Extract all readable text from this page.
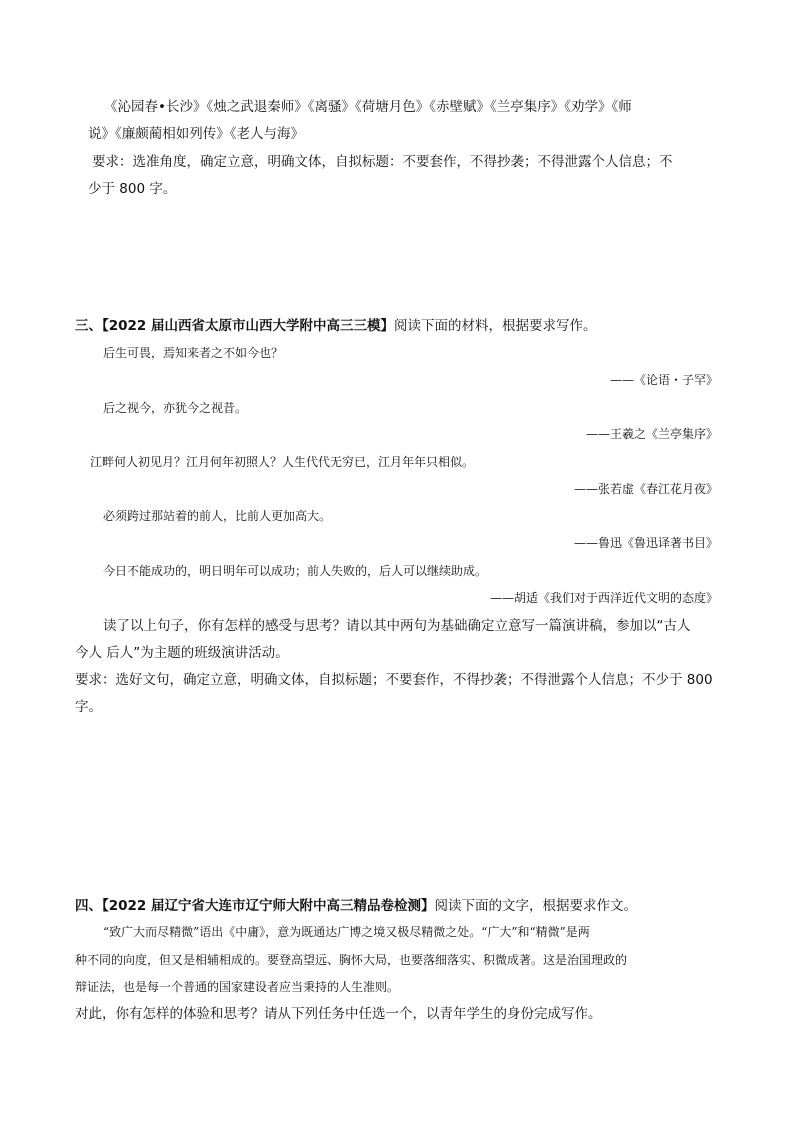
《沁园春•长沙》《烛之武退秦师》《离骚》《荷塘月色》《赤壁赋》《兰亭集序》《劝学》《师
说》《廉颇蔺相如列传》《老人与海》
要求：选准角度，确定立意，明确文体，自拟标题：不要套作，不得抄袭；不得泄露个人信息；不
少于 800 字。
三、【2022 届山西省太原市山西大学附中高三三模】阅读下面的材料，根据要求写作。
后生可畏，焉知来者之不如今也？
——《论语・子罕》
后之视今，亦犹今之视昔。
——王羲之《兰亭集序》
江畔何人初见月？江月何年初照人？人生代代无穷已，江月年年只相似。
——张若虚《春江花月夜》
必须跨过那站着的前人，比前人更加高大。
——鲁迅《鲁迅译著书目》
今日不能成功的，明日明年可以成功；前人失败的，后人可以继续助成。
——胡适《我们对于西洋近代文明的态度》
读了以上句子，你有怎样的感受与思考？请以其中两句为基础确定立意写一篇演讲稿，参加以“古人
今人 后人”为主题的班级演讲活动。
要求：选好文句，确定立意，明确文体，自拟标题；不要套作，不得抄袭；不得泄露个人信息；不少于 800
字。
四、【2022 届辽宁省大连市辽宁师大附中高三精品卷检测】阅读下面的文字，根据要求作文。
“致广大而尽精微”语出《中庸》，意为既通达广博之境又极尽精微之处。“广大”和“精微”是两
种不同的向度，但又是相辅相成的。要登高望远、胸怀大局，也要落细落实、积微成著。这是治国理政的
辩证法，也是每一个普通的国家建设者应当秉持的人生准则。
对此，你有怎样的体验和思考？请从下列任务中任选一个，以青年学生的身份完成写作。
